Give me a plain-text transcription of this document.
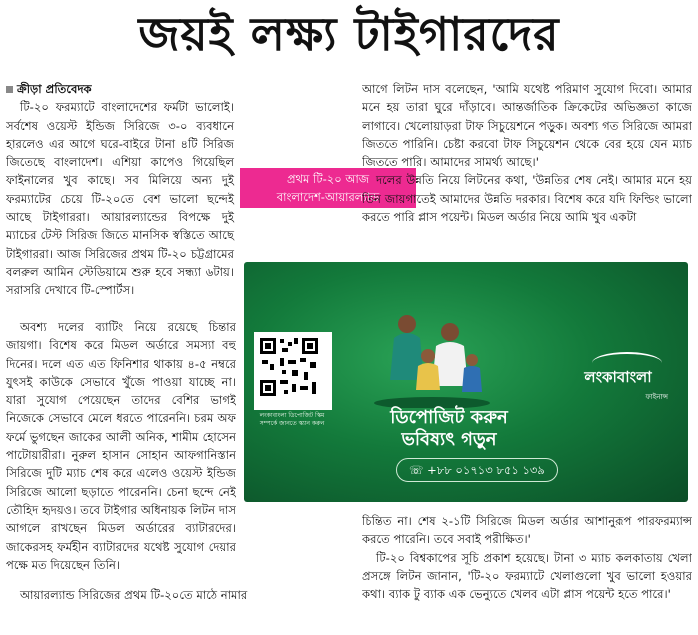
জয়ই লক্ষ্য টাইগারদের

ক্রীড়া প্রতিবেদক

টি-২০ ফরম্যাটে বাংলাদেশের ফর্মটা ভালোই। সর্বশেষ ওয়েস্ট ইন্ডিজ সিরিজে ৩-০ ব্যবধানে হারলেও এর আগে ঘরে-বাইরে টানা ৪টি সিরিজ জিতেছে বাংলাদেশ। এশিয়া কাপেও গিয়েছিল ফাইনালের খুব কাছে। সব মিলিয়ে অন্য দুই ফরম্যাটের চেয়ে টি-২০তে বেশ ভালো ছন্দেই আছে টাইগাররা। আয়ারল্যান্ডের বিপক্ষে দুই ম্যাচের টেস্ট সিরিজ জিতে মানসিক স্বস্তিতে আছে টাইগাররা। আজ সিরিজের প্রথম টি-২০ চট্টগ্রামের বলরুল আমিন স্টেডিয়ামে শুরু হবে সন্ধ্যা ৬টায়। সরাসরি দেখাবে টি-স্পোর্টস।

অবশ্য দলের ব্যাটিং নিয়ে রয়েছে চিন্তার জায়গা। বিশেষ করে মিডল অর্ডারে সমস্যা বহু দিনের। দলে এত এত ফিনিশার থাকায় ৪-৫ নম্বরে যুৎসই কাউকে সেভাবে খুঁজে পাওয়া যাচ্ছে না। যারা সুযোগ পেয়েছেন তাদের বেশির ভাগই নিজেকে সেভাবে মেলে ধরতে পারেননি। চরম অফ ফর্মে ভুগছেন জাকের আলী অনিক, শামীম হোসেন পাটোয়ারীরা। নুরুল হাসান সোহান আফগানিস্তান সিরিজে দুটি ম্যাচ শেষ করে এলেও ওয়েস্ট ইন্ডিজ সিরিজে আলো ছড়াতে পারেননি। চেনা ছন্দে নেই তৌহিদ হৃদয়ও। তবে টাইগার অধিনায়ক লিটন দাস আগলে রাখছেন মিডল অর্ডারের ব্যাটারদের। জাকেরসহ ফর্মহীন ব্যাটারদের যথেষ্ট সুযোগ দেয়ার পক্ষে মত দিয়েছেন তিনি।

আয়ারল্যান্ড সিরিজের প্রথম টি-২০তে মাঠে নামার

প্রথম টি-২০ আজ
বাংলাদেশ-আয়ারল্যান্ড

আগে লিটন দাস বলেছেন, 'আমি যথেষ্ট পরিমাণ সুযোগ দিবো। আমার মনে হয় তারা ঘুরে দাঁড়াবে। আন্তর্জাতিক ক্রিকেটের অভিজ্ঞতা কাজে লাগাবে। খেলোয়াড়রা টাফ সিচুয়েশনে পড়ুক। অবশ্য গত সিরিজে আমরা জিততে পারিনি। চেষ্টা করবো টাফ সিচুয়েশন থেকে বের হয়ে যেন ম্যাচ জিততে পারি। আমাদের সামর্থ্য আছে।'

দলের উন্নতি নিয়ে লিটনের কথা, 'উন্নতির শেষ নেই। আমার মনে হয় তিন জায়গাতেই আমাদের উন্নতি দরকার। বিশেষ করে যদি ফিল্ডিং ভালো করতে পারি প্লাস পয়েন্ট। মিডল অর্ডার নিয়ে আমি খুব একটা

লংকাবাংলা ডিপোজিট স্কিম সম্পর্কে জানতে স্ক্যান করুন	ডিপোজিট করুন
ভবিষ্যৎ গড়ুন
☏ +৮৮ ০১৭১৩ ৮৫১ ১৩৯
লংকাবাংলা
ফাইনান্স

চিন্তিত না। শেষ ২-১টি সিরিজে মিডল অর্ডার আশানুরূপ পারফরম্যান্স করতে পারেনি। তবে সবাই পরীক্ষিত।'

টি-২০ বিশ্বকাপের সূচি প্রকাশ হয়েছে। টানা ৩ ম্যাচ কলকাতায় খেলা প্রসঙ্গে লিটন জানান, 'টি-২০ ফরম্যাটে খেলাগুলো খুব ভালো হওয়ার কথা। ব্যাক টু ব্যাক এক ভেন্যুতে খেলব এটা প্লাস পয়েন্ট হতে পারে।'
